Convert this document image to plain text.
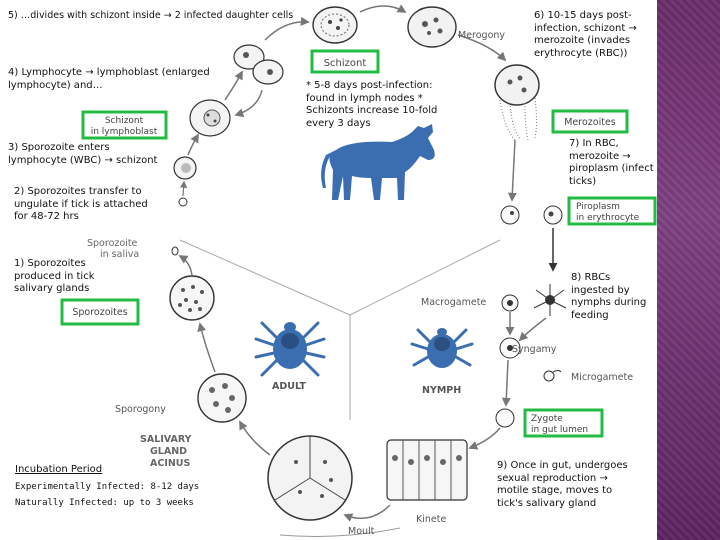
Schizont
Schizont
in lymphoblast
Merozoites
Piroplasm
in erythrocyte
Sporozoites
Zygote
in gut lumen
Merogony
Sporozoite
in saliva
Macrogamete
Syngamy
Microgamete
ADULT	NYMPH
Sporogony
SALIVARY
GLAND
ACINUS
Moult
Kinete
5) …divides with schizont inside → 2 infected daughter cells
4) Lymphocyte → lymphoblast (enlarged lymphocyte) and…
3) Sporozoite enters lymphocyte (WBC) → schizont
2) Sporozoites transfer to ungulate if tick is attached for 48-72 hrs
1) Sporozoites produced in tick salivary glands
6) 10-15 days post-infection, schizont → merozoite (invades erythrocyte (RBC))
7) In RBC, merozoite → piroplasm (infect ticks)
8) RBCs ingested by nymphs during feeding
9) Once in gut, undergoes sexual reproduction → motile stage, moves to tick's salivary gland
* 5-8 days post-infection: found in lymph nodes * Schizonts increase 10-fold every 3 days
Incubation Period
Experimentally Infected: 8-12 days
Naturally Infected: up to 3 weeks
